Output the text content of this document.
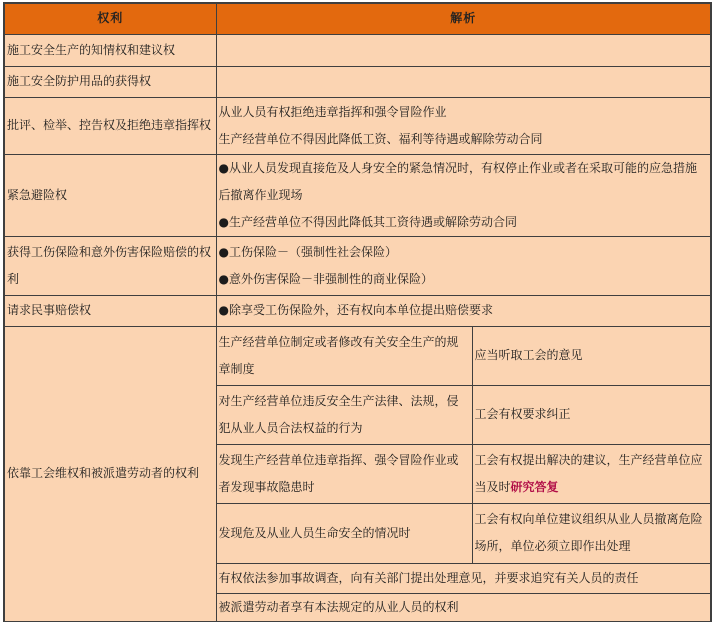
权利	解析	
施工安全生产的知情权和建议权		
施工安全防护用品的获得权		
批评、检举、控告权及拒绝违章指挥权	从业人员有权拒绝违章指挥和强令冒险作业

生产经营单位不得因此降低工资、福利等待遇或解除劳动合同	

紧急避险权	●从业人员发现直接危及人身安全的紧急情况时，有权停止作业或者在采取可能的应急措施后撤离作业现场

●生产经营单位不得因此降低其工资待遇或解除劳动合同	

获得工伤保险和意外伤害保险赔偿的权利	●工伤保险－（强制性社会保险）

●意外伤害保险－非强制性的商业保险）	

请求民事赔偿权	●除享受工伤保险外，还有权向本单位提出赔偿要求	

依靠工会维权和被派遣劳动者的权利	生产经营单位制定或者修改有关安全生产的规章制度	应当听取工会的意见

	对生产经营单位违反安全生产法律、法规，侵犯从业人员合法权益的行为	工会有权要求纠正

	发现生产经营单位违章指挥、强令冒险作业或者发现事故隐患时	工会有权提出解决的建议，生产经营单位应当及时研究答复

	发现危及从业人员生命安全的情况时	工会有权向单位建议组织从业人员撤离危险场所，单位必须立即作出处理

	有权依法参加事故调查，向有关部门提出处理意见，并要求追究有关人员的责任	

	被派遣劳动者享有本法规定的从业人员的权利	
